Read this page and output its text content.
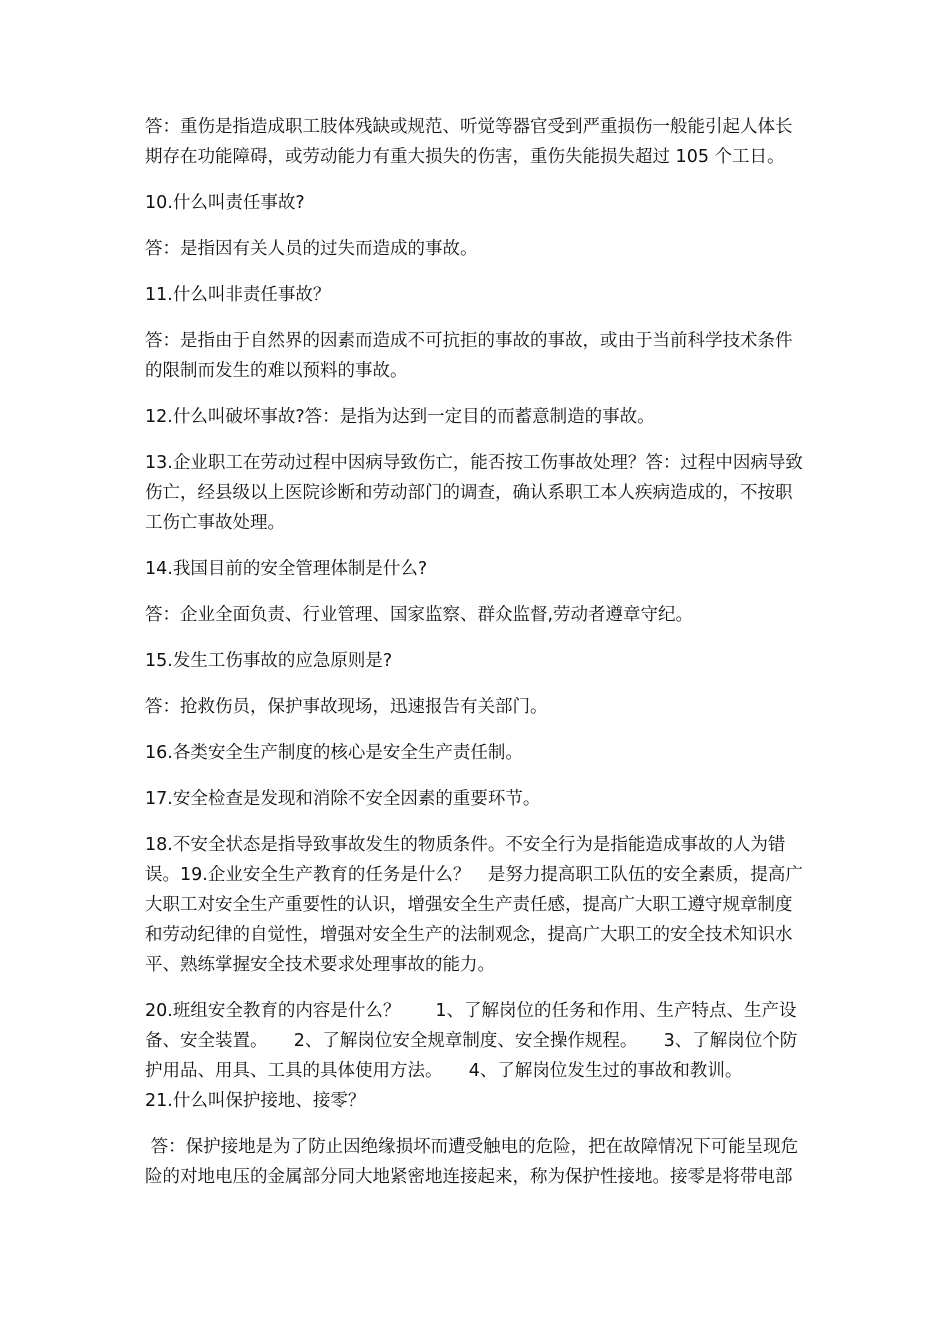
答：重伤是指造成职工肢体残缺或规范、听觉等器官受到严重损伤一般能引起人体长期存在功能障碍，或劳动能力有重大损失的伤害，重伤失能损失超过 105 个工日。

10.什么叫责任事故?

答：是指因有关人员的过失而造成的事故。

11.什么叫非责任事故？

答：是指由于自然界的因素而造成不可抗拒的事故的事故，或由于当前科学技术条件的限制而发生的难以预料的事故。

12.什么叫破坏事故?答：是指为达到一定目的而蓄意制造的事故。

13.企业职工在劳动过程中因病导致伤亡，能否按工伤事故处理？答：过程中因病导致伤亡，经县级以上医院诊断和劳动部门的调查，确认系职工本人疾病造成的，不按职工伤亡事故处理。

14.我国目前的安全管理体制是什么?

答：企业全面负责、行业管理、国家监察、群众监督,劳动者遵章守纪。

15.发生工伤事故的应急原则是?

答：抢救伤员，保护事故现场，迅速报告有关部门。

16.各类安全生产制度的核心是安全生产责任制。

17.安全检查是发现和消除不安全因素的重要环节。

18.不安全状态是指导致事故发生的物质条件。不安全行为是指能造成事故的人为错误。19.企业安全生产教育的任务是什么？　是努力提高职工队伍的安全素质，提高广大职工对安全生产重要性的认识，增强安全生产责任感，提高广大职工遵守规章制度和劳动纪律的自觉性，增强对安全生产的法制观念，提高广大职工的安全技术知识水平、熟练掌握安全技术要求处理事故的能力。

20.班组安全教育的内容是什么？　　1、了解岗位的任务和作用、生产特点、生产设备、安全装置。　　2、了解岗位安全规章制度、安全操作规程。　　3、了解岗位个防护用品、用具、工具的具体使用方法。　　4、了解岗位发生过的事故和教训。

21.什么叫保护接地、接零？

答：保护接地是为了防止因绝缘损坏而遭受触电的危险，把在故障情况下可能呈现危险的对地电压的金属部分同大地紧密地连接起来，称为保护性接地。接零是将带电部
